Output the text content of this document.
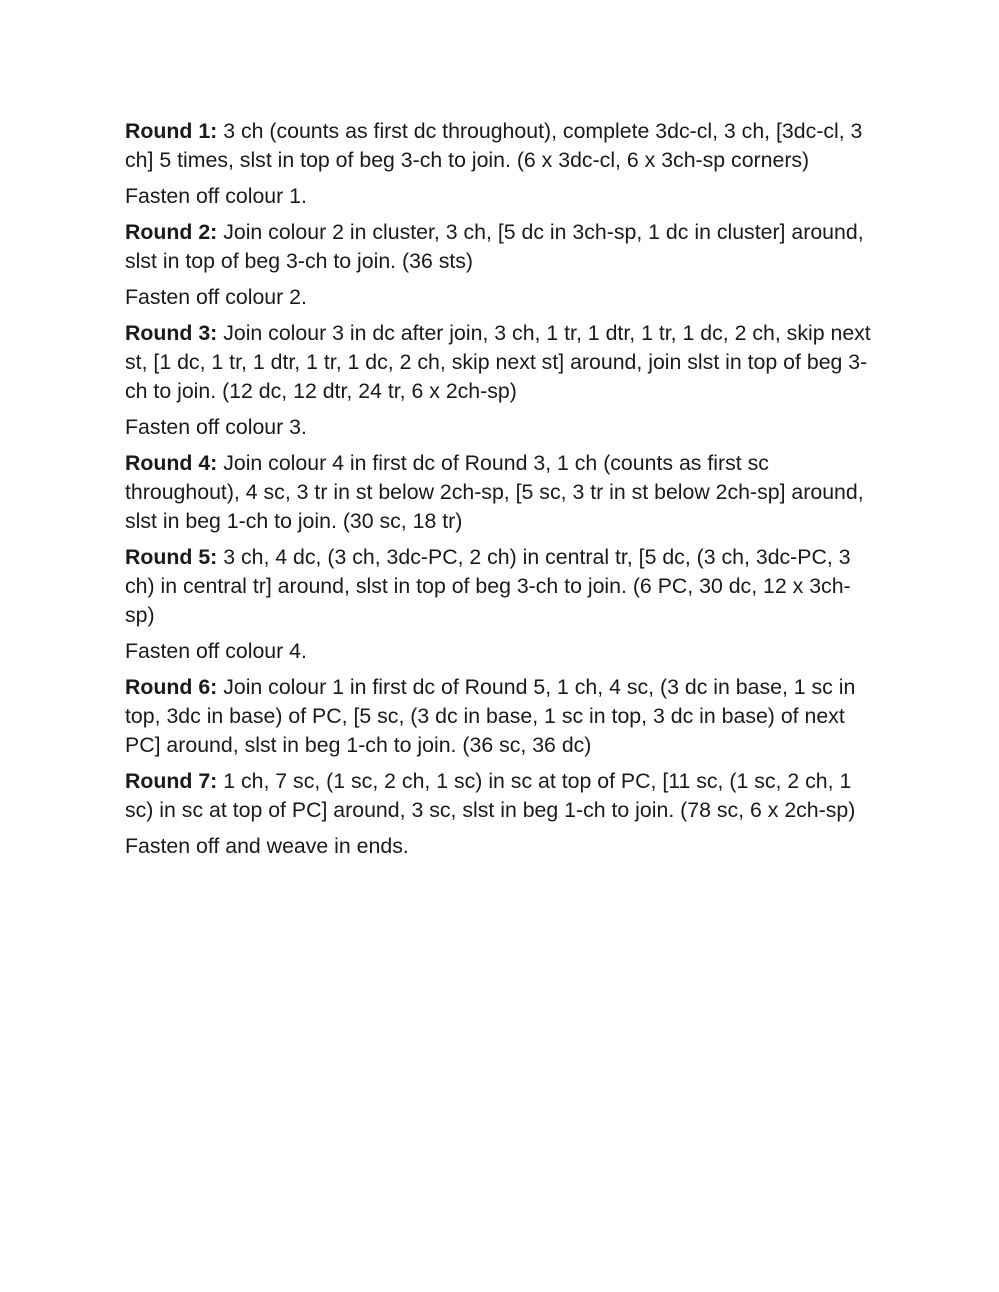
Round 1: 3 ch (counts as first dc throughout), complete 3dc-cl, 3 ch, [3dc-cl, 3 ch] 5 times, slst in top of beg 3-ch to join. (6 x 3dc-cl, 6 x 3ch-sp corners)

Fasten off colour 1.

Round 2: Join colour 2 in cluster, 3 ch, [5 dc in 3ch-sp, 1 dc in cluster] around, slst in top of beg 3-ch to join. (36 sts)

Fasten off colour 2.

Round 3: Join colour 3 in dc after join, 3 ch, 1 tr, 1 dtr, 1 tr, 1 dc, 2 ch, skip next st, [1 dc, 1 tr, 1 dtr, 1 tr, 1 dc, 2 ch, skip next st] around, join slst in top of beg 3-ch to join. (12 dc, 12 dtr, 24 tr, 6 x 2ch-sp)

Fasten off colour 3.

Round 4: Join colour 4 in first dc of Round 3, 1 ch (counts as first sc throughout), 4 sc, 3 tr in st below 2ch-sp, [5 sc, 3 tr in st below 2ch-sp] around, slst in beg 1-ch to join. (30 sc, 18 tr)

Round 5: 3 ch, 4 dc, (3 ch, 3dc-PC, 2 ch) in central tr, [5 dc, (3 ch, 3dc-PC, 3 ch) in central tr] around, slst in top of beg 3-ch to join. (6 PC, 30 dc, 12 x 3ch-sp)

Fasten off colour 4.

Round 6: Join colour 1 in first dc of Round 5, 1 ch, 4 sc, (3 dc in base, 1 sc in top, 3dc in base) of PC, [5 sc, (3 dc in base, 1 sc in top, 3 dc in base) of next PC] around, slst in beg 1-ch to join. (36 sc, 36 dc)

Round 7: 1 ch, 7 sc, (1 sc, 2 ch, 1 sc) in sc at top of PC, [11 sc, (1 sc, 2 ch, 1 sc) in sc at top of PC] around, 3 sc, slst in beg 1-ch to join. (78 sc, 6 x 2ch-sp)

Fasten off and weave in ends.
